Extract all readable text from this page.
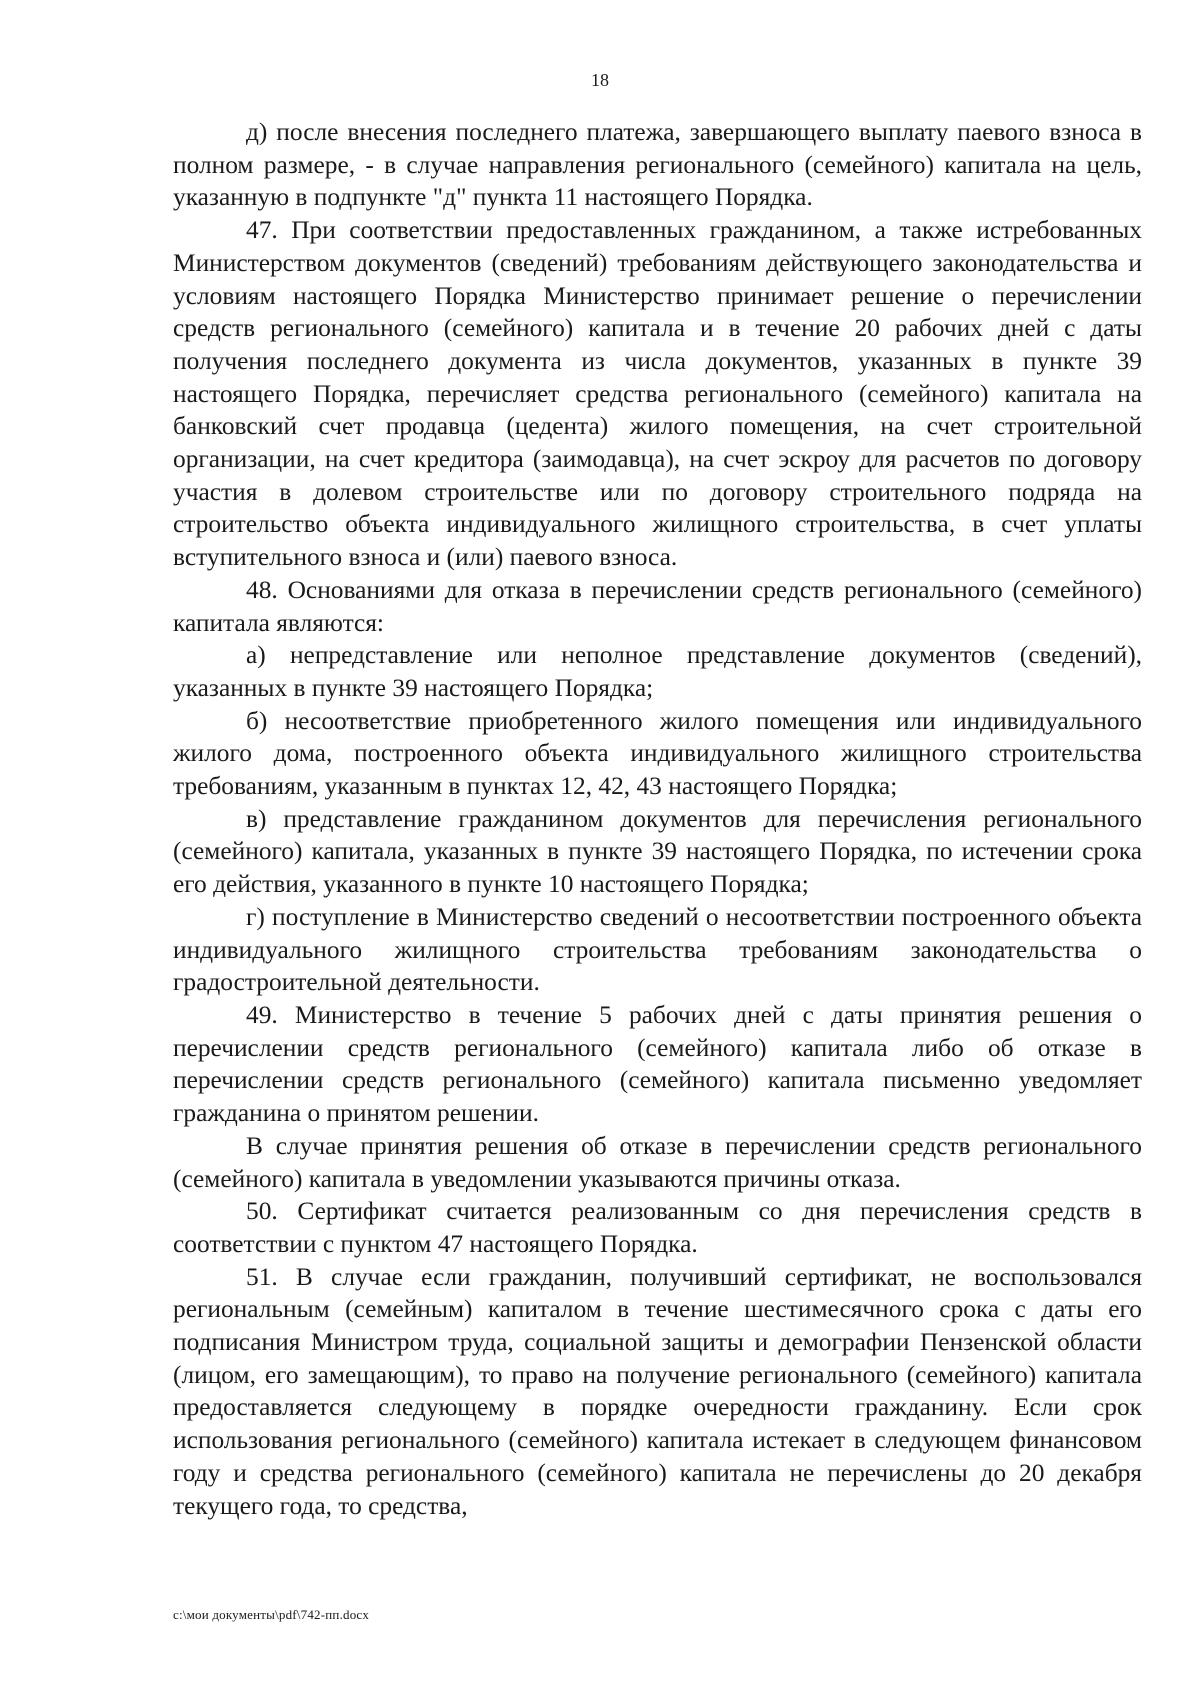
18

д) после внесения последнего платежа, завершающего выплату паевого взноса в полном размере, - в случае направления регионального (семейного) капитала на цель, указанную в подпункте "д" пункта 11 настоящего Порядка.

47. При соответствии предоставленных гражданином, а также истребованных Министерством документов (сведений) требованиям действующего законодательства и условиям настоящего Порядка Министерство принимает решение о перечислении средств регионального (семейного) капитала и в течение 20 рабочих дней с даты получения последнего документа из числа документов, указанных в пункте 39 настоящего Порядка, перечисляет средства регионального (семейного) капитала на банковский счет продавца (цедента) жилого помещения, на счет строительной организации, на счет кредитора (заимодавца), на счет эскроу для расчетов по договору участия в долевом строительстве или по договору строительного подряда на строительство объекта индивидуального жилищного строительства, в счет уплаты вступительного взноса и (или) паевого взноса.

48. Основаниями для отказа в перечислении средств регионального (семейного) капитала являются:

а) непредставление или неполное представление документов (сведений), указанных в пункте 39 настоящего Порядка;

б) несоответствие приобретенного жилого помещения или индивидуального жилого дома, построенного объекта индивидуального жилищного строительства требованиям, указанным в пунктах 12, 42, 43 настоящего Порядка;

в) представление гражданином документов для перечисления регионального (семейного) капитала, указанных в пункте 39 настоящего Порядка, по истечении срока его действия, указанного в пункте 10 настоящего Порядка;

г) поступление в Министерство сведений о несоответствии построенного объекта индивидуального жилищного строительства требованиям законодательства о градостроительной деятельности.

49. Министерство в течение 5 рабочих дней с даты принятия решения о перечислении средств регионального (семейного) капитала либо об отказе в перечислении средств регионального (семейного) капитала письменно уведомляет гражданина о принятом решении.

В случае принятия решения об отказе в перечислении средств регионального (семейного) капитала в уведомлении указываются причины отказа.

50. Сертификат считается реализованным со дня перечисления средств в соответствии с пунктом 47 настоящего Порядка.

51. В случае если гражданин, получивший сертификат, не воспользовался региональным (семейным) капиталом в течение шестимесячного срока с даты его подписания Министром труда, социальной защиты и демографии Пензенской области (лицом, его замещающим), то право на получение регионального (семейного) капитала предоставляется следующему в порядке очередности гражданину. Если срок использования регионального (семейного) капитала истекает в следующем финансовом году и средства регионального (семейного) капитала не перечислены до 20 декабря текущего года, то средства,

c:\мои документы\pdf\742-пп.docx
